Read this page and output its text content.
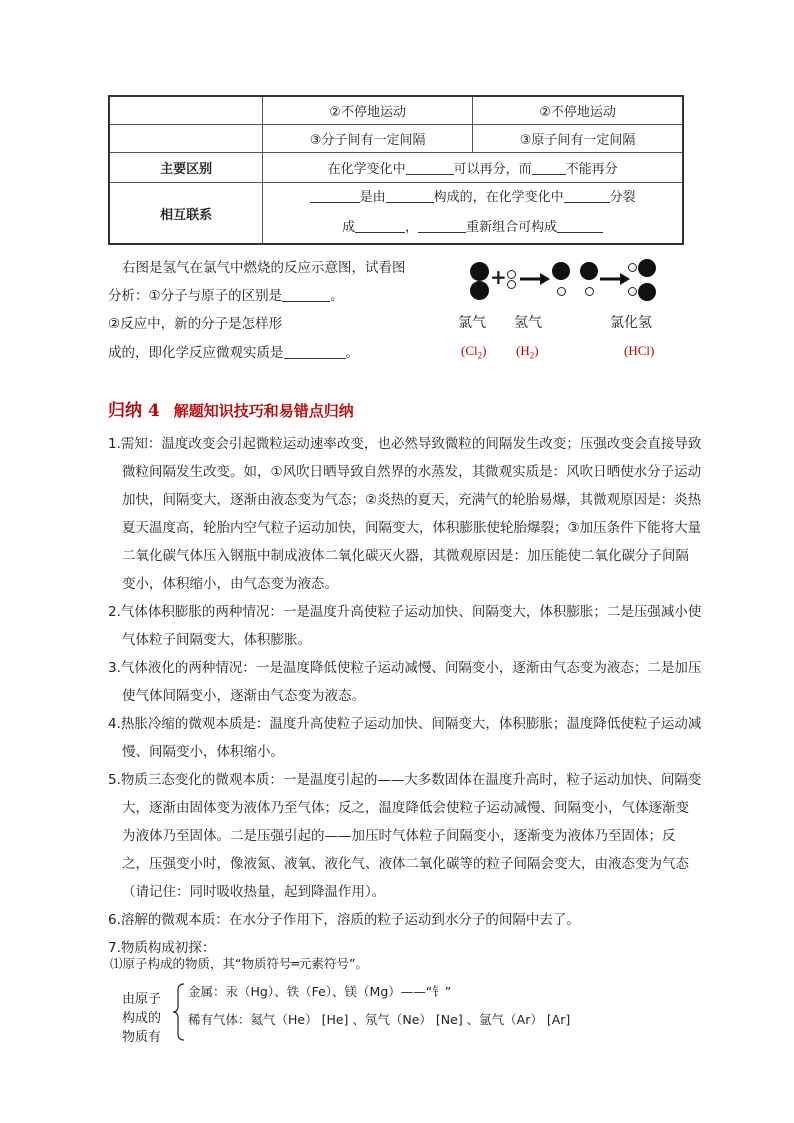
	②不停地运动	②不停地运动
	③分子间有一定间隔	③原子间有一定间隔
主要区别	在化学变化中 可以再分，而 不能再分	
相互联系	是由 构成的，在化学变化中 分裂
成 ， 重新组合可构成	
右图是氢气在氯气中燃烧的反应示意图，试看图
分析：①分子与原子的区别是	。
②反应中，新的分子是怎样形
成的，即化学反应微观实质是	。
+
氯气 氢气	氯化氢
$(Cl_2)$ $(H_2)$	(HCl)
归纳 4 解题知识技巧和易错点归纳

1.需知：温度改变会引起微粒运动速率改变，也必然导致微粒的间隔发生改变；压强改变会直接导致微粒间隔发生改变。如，①风吹日晒导致自然界的水蒸发，其微观实质是：风吹日晒使水分子运动加快，间隔变大，逐渐由液态变为气态；②炎热的夏天，充满气的轮胎易爆，其微观原因是：炎热夏天温度高，轮胎内空气粒子运动加快，间隔变大，体积膨胀使轮胎爆裂；③加压条件下能将大量二氧化碳气体压入钢瓶中制成液体二氧化碳灭火器，其微观原因是：加压能使二氧化碳分子间隔变小，体积缩小，由气态变为液态。

2.气体体积膨胀的两种情况：一是温度升高使粒子运动加快、间隔变大，体积膨胀；二是压强减小使气体粒子间隔变大，体积膨胀。

3.气体液化的两种情况：一是温度降低使粒子运动减慢、间隔变小，逐渐由气态变为液态；二是加压使气体间隔变小，逐渐由气态变为液态。

4.热胀冷缩的微观本质是：温度升高使粒子运动加快、间隔变大，体积膨胀；温度降低使粒子运动减慢、间隔变小，体积缩小。

5.物质三态变化的微观本质：一是温度引起的——大多数固体在温度升高时，粒子运动加快、间隔变大，逐渐由固体变为液体乃至气体；反之，温度降低会使粒子运动减慢、间隔变小，气体逐渐变为液体乃至固体。二是压强引起的——加压时气体粒子间隔变小，逐渐变为液体乃至固体；反之，压强变小时，像液氮、液氧、液化气、液体二氧化碳等的粒子间隔会变大，由液态变为气态（请记住：同时吸收热量，起到降温作用）。

6.溶解的微观本质：在水分子作用下，溶质的粒子运动到水分子的间隔中去了。

7.物质构成初探：

⑴原子构成的物质，其“物质符号═元素符号”。
由原子
构成的
物质有
金属：汞（Hg）、铁（Fe）、镁（Mg）——“钅”
稀有气体：氦气（He） [He] 、氖气（Ne） [Ne] 、氩气（Ar） [Ar]
